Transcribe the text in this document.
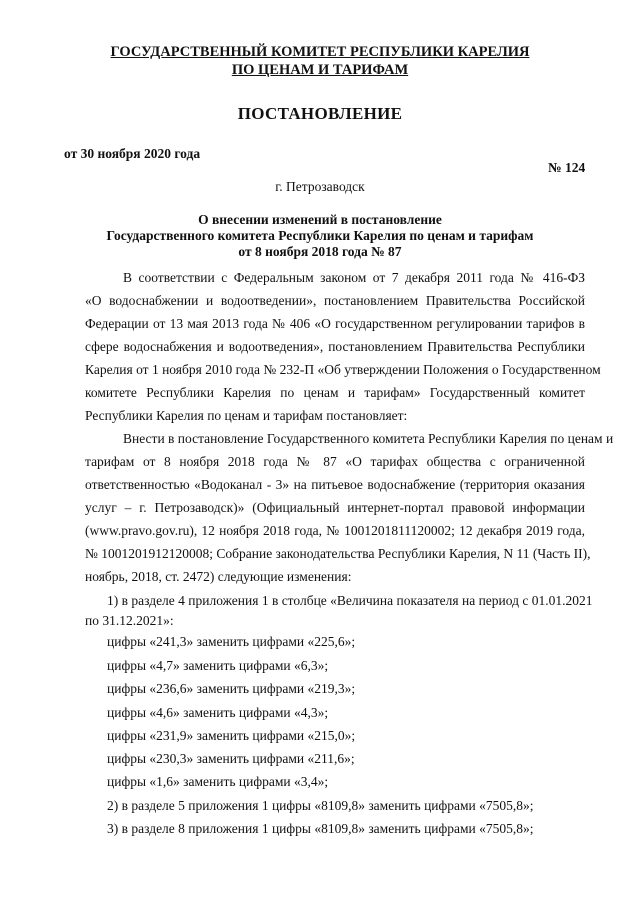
ГОСУДАРСТВЕННЫЙ КОМИТЕТ РЕСПУБЛИКИ КАРЕЛИЯ
ПО ЦЕНАМ И ТАРИФАМ
ПОСТАНОВЛЕНИЕ
от 30 ноября 2020 года
№ 124
г. Петрозаводск
О внесении изменений в постановление
Государственного комитета Республики Карелия по ценам и тарифам
от 8 ноября 2018 года № 87
В соответствии с Федеральным законом от 7 декабря 2011 года № 416-ФЗ
«О водоснабжении и водоотведении», постановлением Правительства Российской
Федерации от 13 мая 2013 года № 406 «О государственном регулировании тарифов в
сфере водоснабжения и водоотведения», постановлением Правительства Республики
Карелия от 1 ноября 2010 года № 232-П «Об утверждении Положения о Государственном
комитете Республики Карелия по ценам и тарифам» Государственный комитет
Республики Карелия по ценам и тарифам постановляет:
Внести в постановление Государственного комитета Республики Карелия по ценам и
тарифам от 8 ноября 2018 года № 87 «О тарифах общества с ограниченной
ответственностью «Водоканал - 3» на питьевое водоснабжение (территория оказания
услуг – г. Петрозаводск)» (Официальный интернет-портал правовой информации
(www.pravo.gov.ru), 12 ноября 2018 года, № 1001201811120002; 12 декабря 2019 года,
№ 1001201912120008; Собрание законодательства Республики Карелия, N 11 (Часть II),
ноябрь, 2018, ст. 2472) следующие изменения:
1) в разделе 4 приложения 1 в столбце «Величина показателя на период с 01.01.2021
по 31.12.2021»:
цифры «241,3» заменить цифрами «225,6»;
цифры «4,7» заменить цифрами «6,3»;
цифры «236,6» заменить цифрами «219,3»;
цифры «4,6» заменить цифрами «4,3»;
цифры «231,9» заменить цифрами «215,0»;
цифры «230,3» заменить цифрами «211,6»;
цифры «1,6» заменить цифрами «3,4»;
2) в разделе 5 приложения 1 цифры «8109,8» заменить цифрами «7505,8»;
3) в разделе 8 приложения 1 цифры «8109,8» заменить цифрами «7505,8»;
